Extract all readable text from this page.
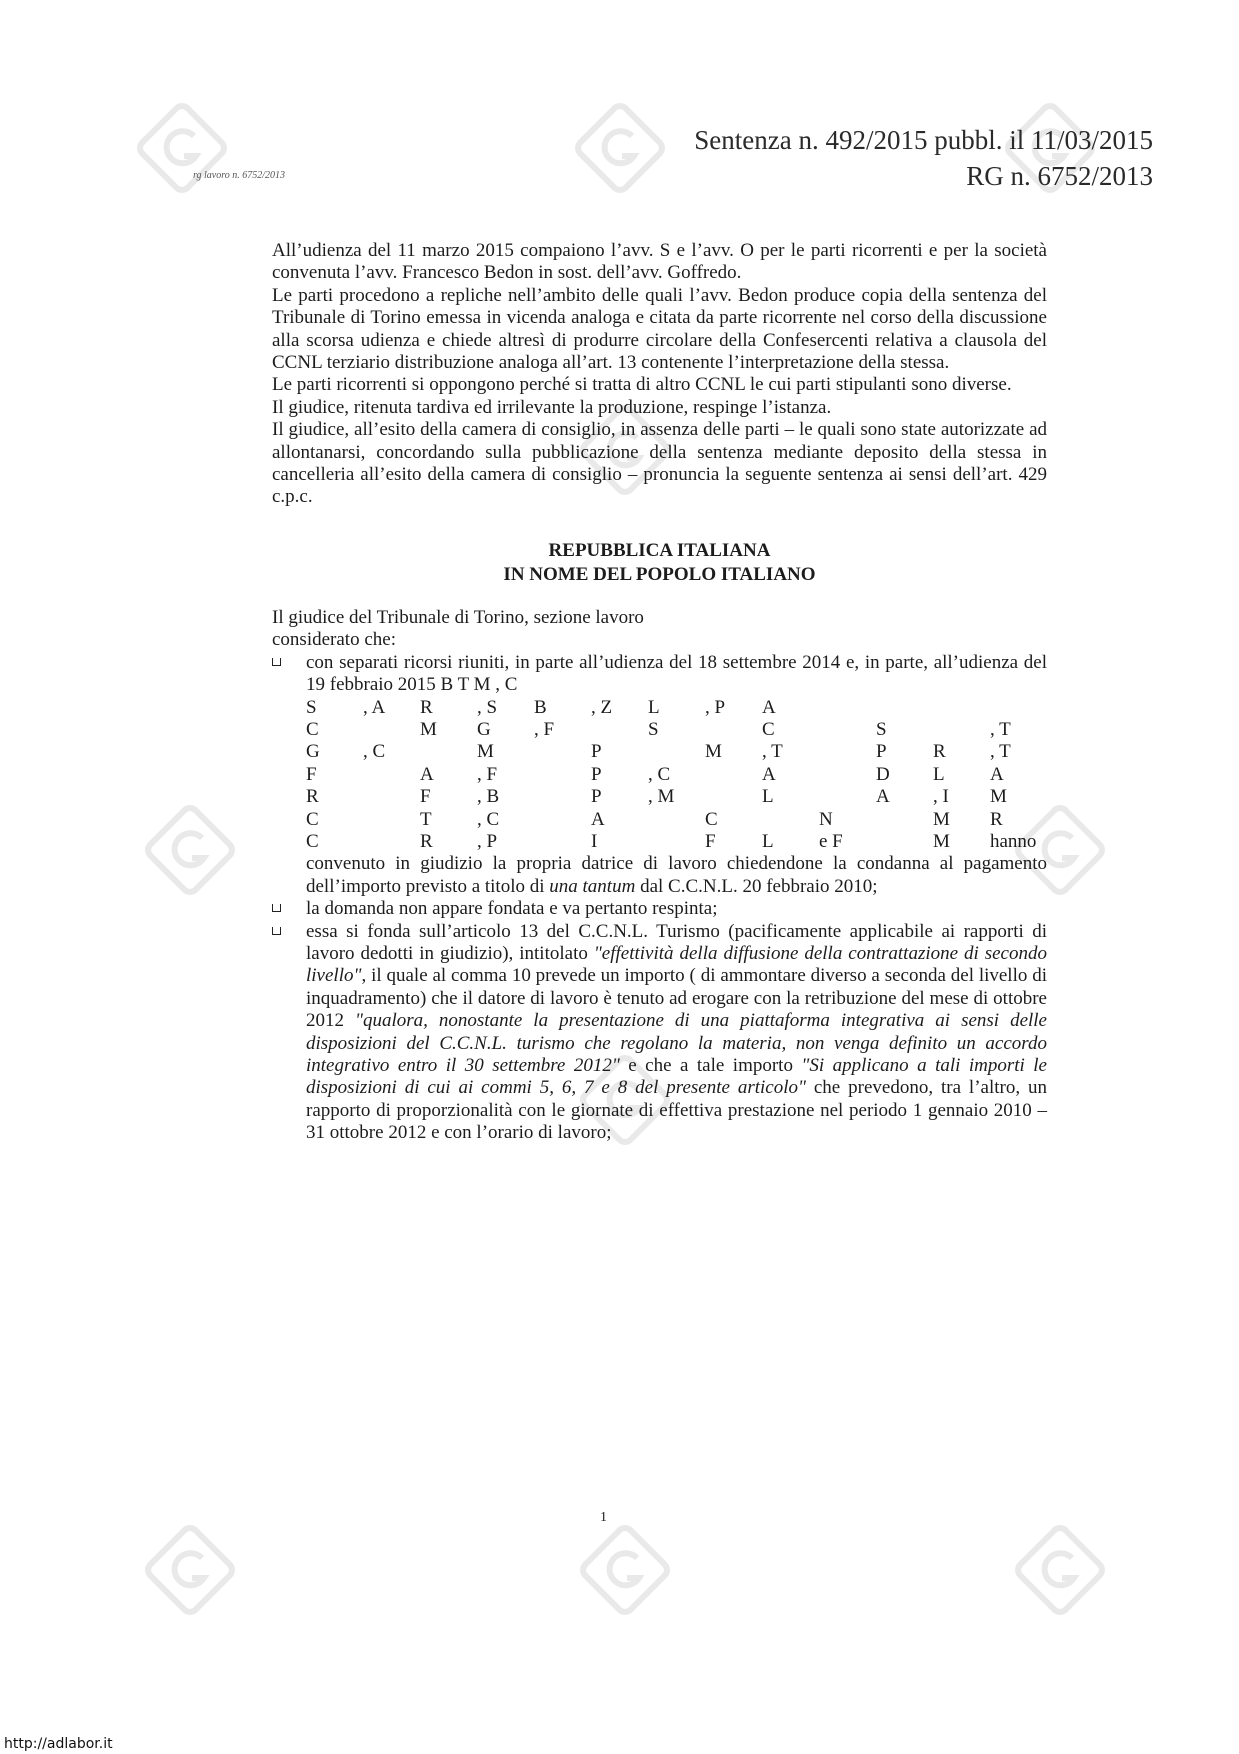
Sentenza n. 492/2015 pubbl. il 11/03/2015
RG n. 6752/2013
rg lavoro n. 6752/2013

All’udienza del 11 marzo 2015 compaiono l’avv. S e l’avv. O per le parti ricorrenti e per la società convenuta l’avv. Francesco Bedon in sost. dell’avv. Goffredo.

Le parti procedono a repliche nell’ambito delle quali l’avv. Bedon produce copia della sentenza del Tribunale di Torino emessa in vicenda analoga e citata da parte ricorrente nel corso della discussione alla scorsa udienza e chiede altresì di produrre circolare della Confesercenti relativa a clausola del CCNL terziario distribuzione analoga all’art. 13 contenente l’interpretazione della stessa.

Le parti ricorrenti si oppongono perché si tratta di altro CCNL le cui parti stipulanti sono diverse.

Il giudice, ritenuta tardiva ed irrilevante la produzione, respinge l’istanza.

Il giudice, all’esito della camera di consiglio, in assenza delle parti – le quali sono state autorizzate ad allontanarsi, concordando sulla pubblicazione della sentenza mediante deposito della stessa in cancelleria all’esito della camera di consiglio – pronuncia la seguente sentenza ai sensi dell’art. 429 c.p.c.

REPUBBLICA ITALIANA

IN NOME DEL POPOLO ITALIANO

Il giudice del Tribunale di Torino, sezione lavoro

considerato che:

con separati ricorsi riuniti, in parte all’udienza del 18 settembre 2014 e, in parte, all’udienza del 19 febbraio 2015 B T M , C
S	, A	R	, S	B	, Z	L	, P	A
C	M	G	, F	S	C	S	, T
G	, C	M	P	M	, T	P	R	, T
F	A	, F	P	, C	A	D	L	A
R	F	, B	P	, M	L	A	, I	M
C	T	, C	A	C	N	M	R
C	R	, P	I	F	L	e F	M	hanno
convenuto in giudizio la propria datrice di lavoro chiedendone la condanna al pagamento dell’importo previsto a titolo di una tantum dal C.C.N.L. 20 febbraio 2010;
la domanda non appare fondata e va pertanto respinta;
essa si fonda sull’articolo 13 del C.C.N.L. Turismo (pacificamente applicabile ai rapporti di lavoro dedotti in giudizio), intitolato "effettività della diffusione della contrattazione di secondo livello", il quale al comma 10 prevede un importo ( di ammontare diverso a seconda del livello di inquadramento) che il datore di lavoro è tenuto ad erogare con la retribuzione del mese di ottobre 2012 "qualora, nonostante la presentazione di una piattaforma integrativa ai sensi delle disposizioni del C.C.N.L. turismo che regolano la materia, non venga definito un accordo integrativo entro il 30 settembre 2012" e che a tale importo "Si applicano a tali importi le disposizioni di cui ai commi 5, 6, 7 e 8 del presente articolo" che prevedono, tra l’altro, un rapporto di proporzionalità con le giornate di effettiva prestazione nel periodo 1 gennaio 2010 – 31 ottobre 2012 e con l’orario di lavoro;
1
http://adlabor.it
